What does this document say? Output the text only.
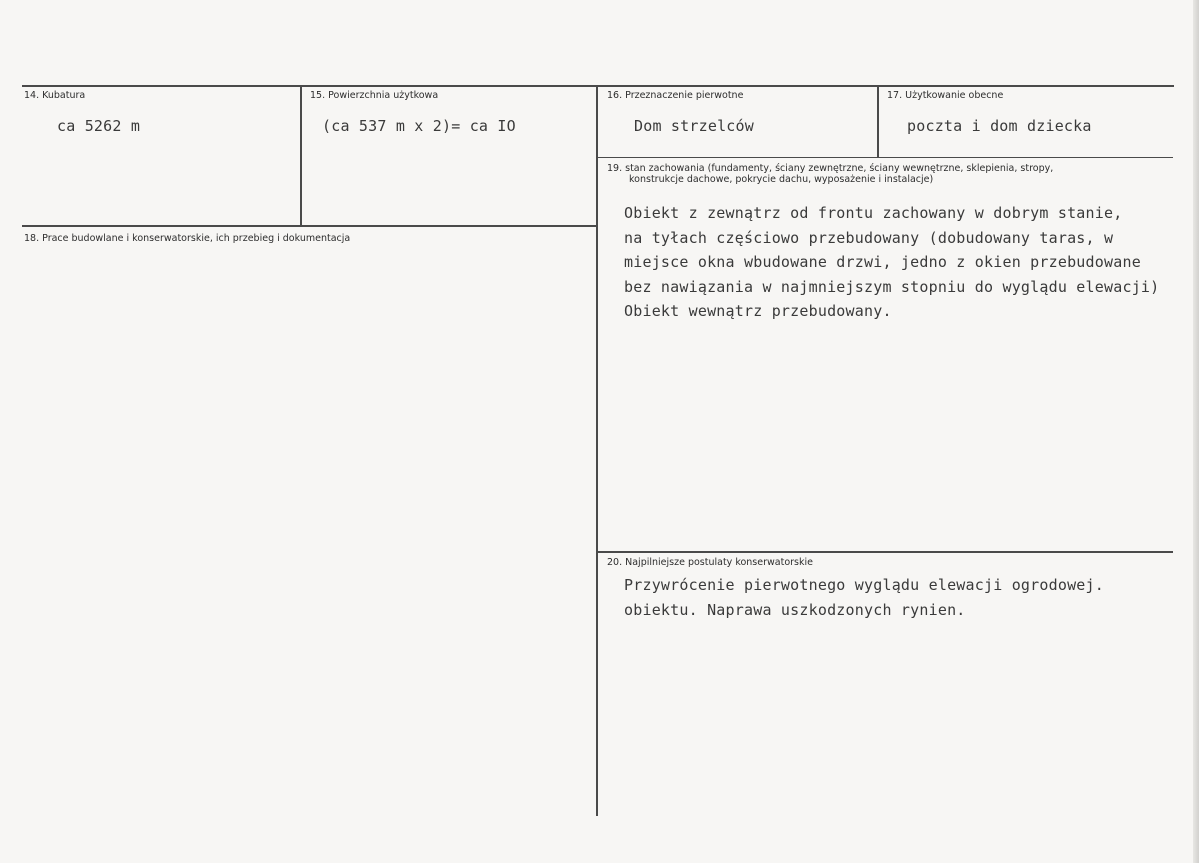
14. Kubatura
ca 5262 m
15. Powierzchnia użytkowa
(ca 537 m x 2)= ca IO
16. Przeznaczenie pierwotne
Dom strzelców
17. Użytkowanie obecne
poczta i dom dziecka
18. Prace budowlane i konserwatorskie, ich przebieg i dokumentacja
19. stan zachowania (fundamenty, ściany zewnętrzne, ściany wewnętrzne, sklepienia, stropy,
konstrukcje dachowe, pokrycie dachu, wyposażenie i instalacje)
Obiekt z zewnątrz od frontu zachowany w dobrym stanie,
na tyłach częściowo przebudowany (dobudowany taras, w
miejsce okna wbudowane drzwi, jedno z okien przebudowane
bez nawiązania w najmniejszym stopniu do wyglądu elewacji)
Obiekt wewnątrz przebudowany.
20. Najpilniejsze postulaty konserwatorskie
Przywrócenie pierwotnego wyglądu elewacji ogrodowej.
obiektu. Naprawa uszkodzonych rynien.
